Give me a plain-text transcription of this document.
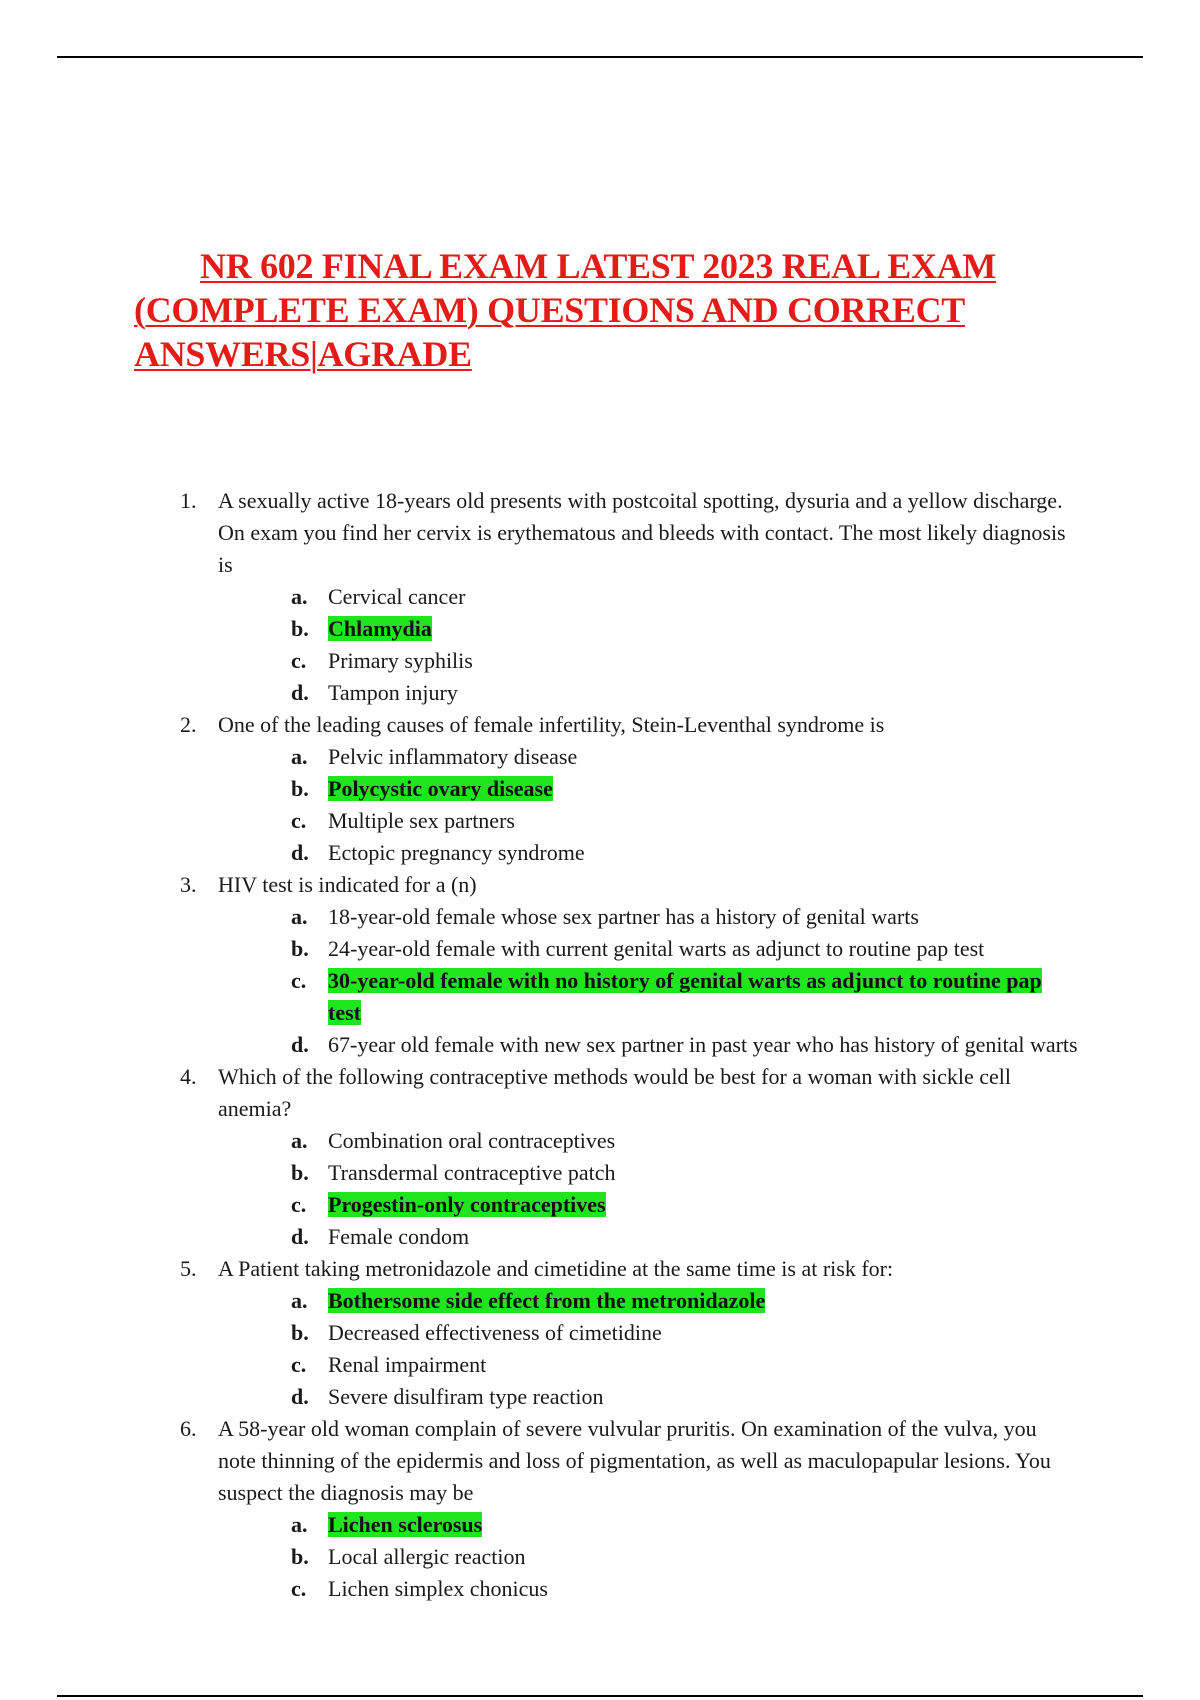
NR 602 FINAL EXAM LATEST 2023 REAL EXAM (COMPLETE EXAM) QUESTIONS AND CORRECT ANSWERS|AGRADE
1. A sexually active 18-years old presents with postcoital spotting, dysuria and a yellow discharge. On exam you find her cervix is erythematous and bleeds with contact. The most likely diagnosis is
a. Cervical cancer
b. Chlamydia
c. Primary syphilis
d. Tampon injury
2. One of the leading causes of female infertility, Stein-Leventhal syndrome is
a. Pelvic inflammatory disease
b. Polycystic ovary disease
c. Multiple sex partners
d. Ectopic pregnancy syndrome
3. HIV test is indicated for a (n)
a. 18-year-old female whose sex partner has a history of genital warts
b. 24-year-old female with current genital warts as adjunct to routine pap test
c. 30-year-old female with no history of genital warts as adjunct to routine pap test
d. 67-year old female with new sex partner in past year who has history of genital warts
4. Which of the following contraceptive methods would be best for a woman with sickle cell anemia?
a. Combination oral contraceptives
b. Transdermal contraceptive patch
c. Progestin-only contraceptives
d. Female condom
5. A Patient taking metronidazole and cimetidine at the same time is at risk for:
a. Bothersome side effect from the metronidazole
b. Decreased effectiveness of cimetidine
c. Renal impairment
d. Severe disulfiram type reaction
6. A 58-year old woman complain of severe vulvular pruritis. On examination of the vulva, you note thinning of the epidermis and loss of pigmentation, as well as maculopapular lesions. You suspect the diagnosis may be
a. Lichen sclerosus
b. Local allergic reaction
c. Lichen simplex chonicus
